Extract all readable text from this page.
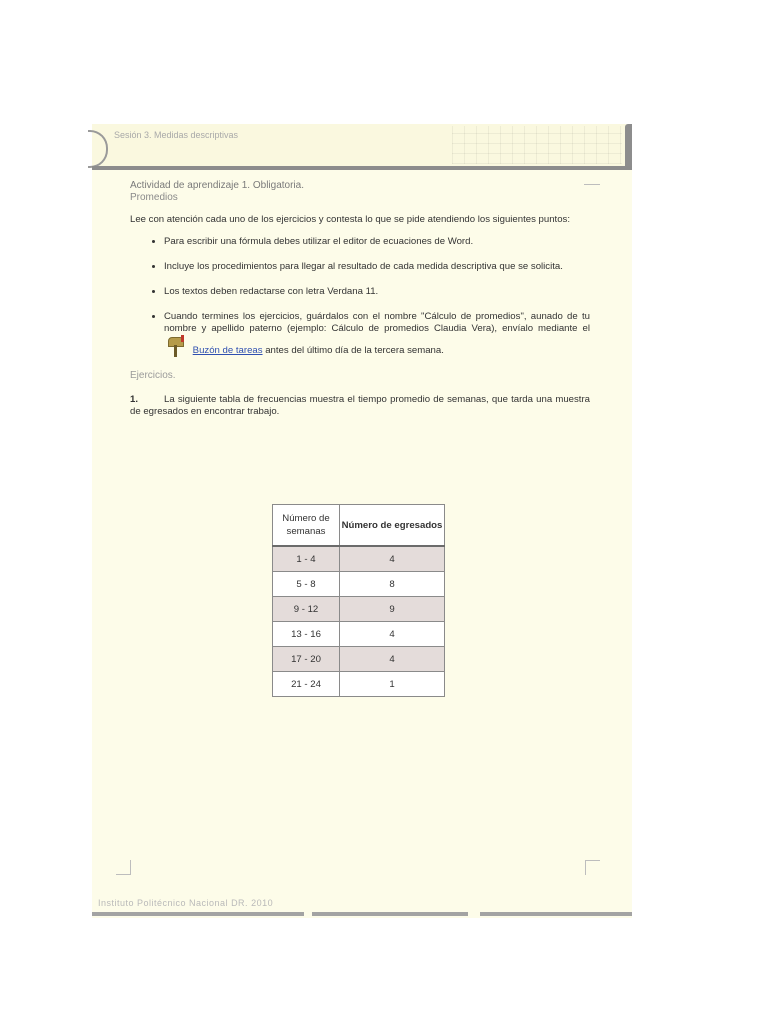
Sesión 3. Medidas descriptivas
Actividad de aprendizaje 1. Obligatoria.
Promedios

Lee con atención cada uno de los ejercicios y contesta lo que se pide atendiendo los siguientes puntos:

• Para escribir una fórmula debes utilizar el editor de ecuaciones de Word.
• Incluye los procedimientos para llegar al resultado de cada medida descriptiva que se solicita.
• Los textos deben redactarse con letra Verdana 11.
• Cuando termines los ejercicios, guárdalos con el nombre "Cálculo de promedios", aunado de tu nombre y apellido paterno (ejemplo: Cálculo de promedios Claudia Vera), envíalo mediante el
Buzón de tareas antes del último día de la tercera semana.
Ejercicios.

1.	La siguiente tabla de frecuencias muestra el tiempo promedio de semanas, que tarda una muestra de egresados en encontrar trabajo.

Número de semanas	Número de egresados
1 - 4	4
5 - 8	8
9 - 12	9
13 - 16	4
17 - 20	4
21 - 24	1
Instituto Politécnico Nacional DR. 2010
